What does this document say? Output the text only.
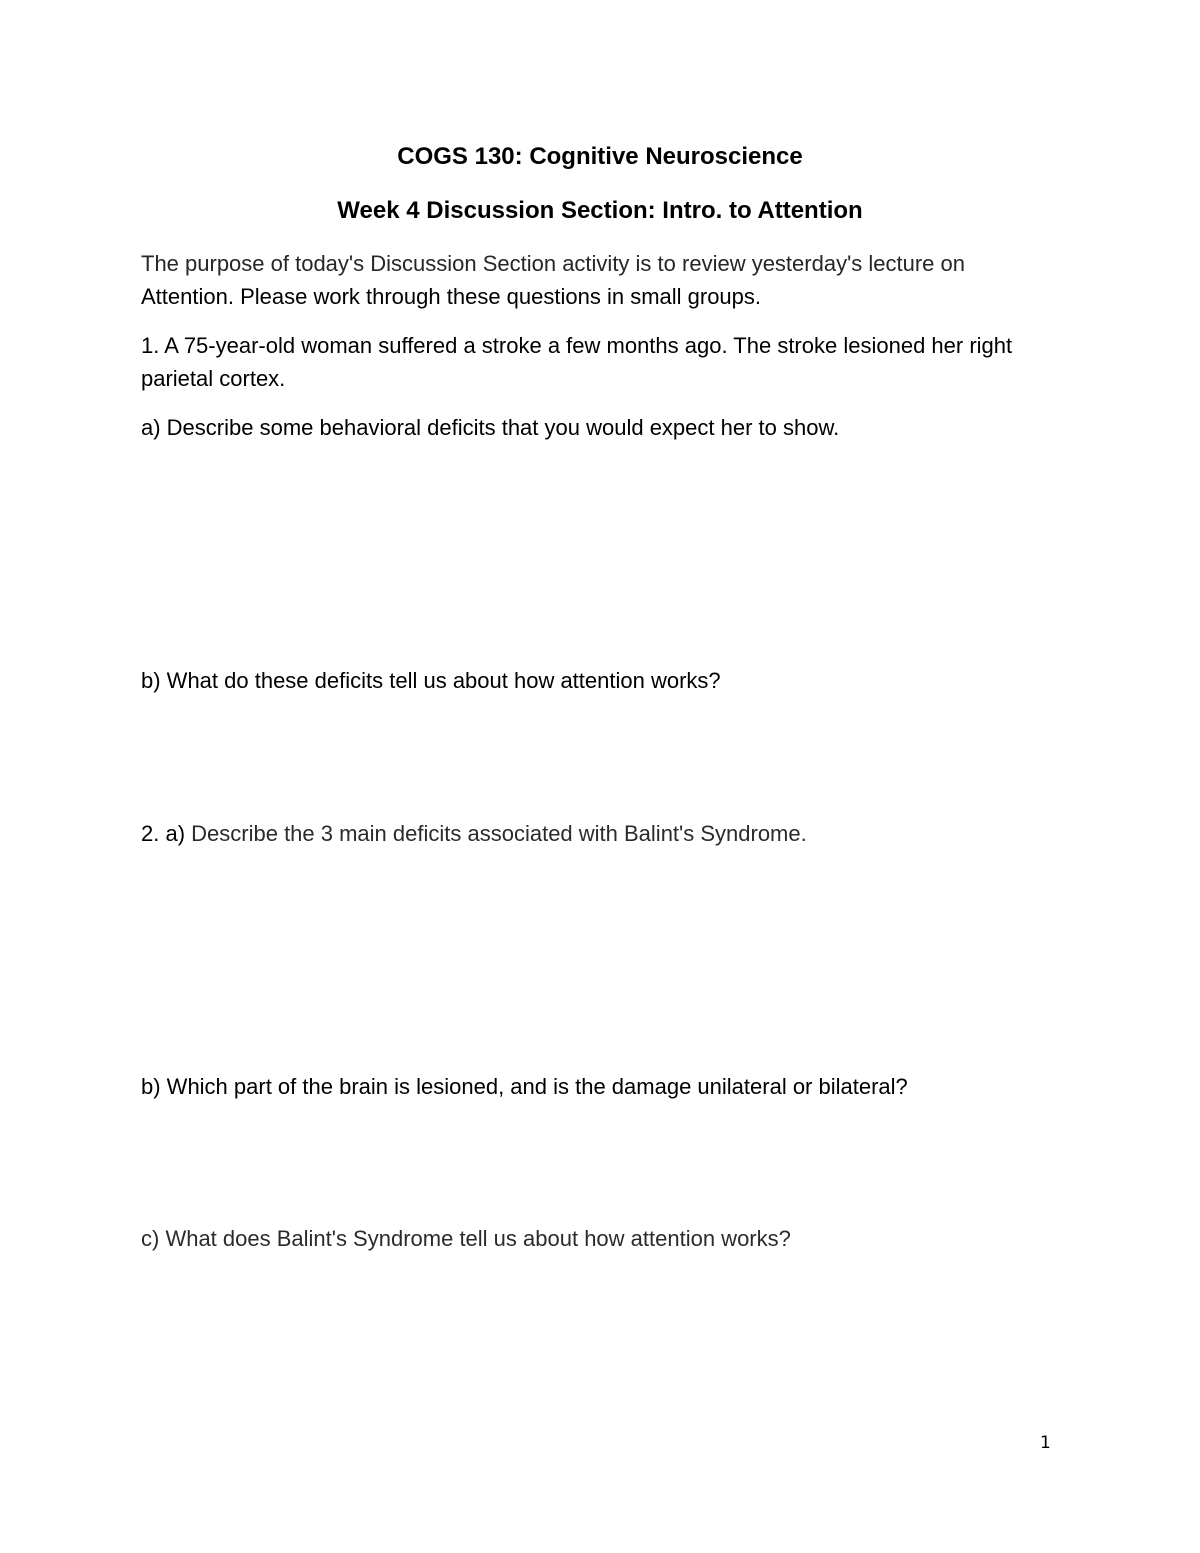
COGS 130: Cognitive Neuroscience
Week 4 Discussion Section: Intro. to Attention
The purpose of today's Discussion Section activity is to review yesterday's lecture on Attention. Please work through these questions in small groups.
1. A 75-year-old woman suffered a stroke a few months ago. The stroke lesioned her right parietal cortex.
a) Describe some behavioral deficits that you would expect her to show.
b) What do these deficits tell us about how attention works?
2. a) Describe the 3 main deficits associated with Balint's Syndrome.
b) Which part of the brain is lesioned, and is the damage unilateral or bilateral?
c) What does Balint's Syndrome tell us about how attention works?
1
